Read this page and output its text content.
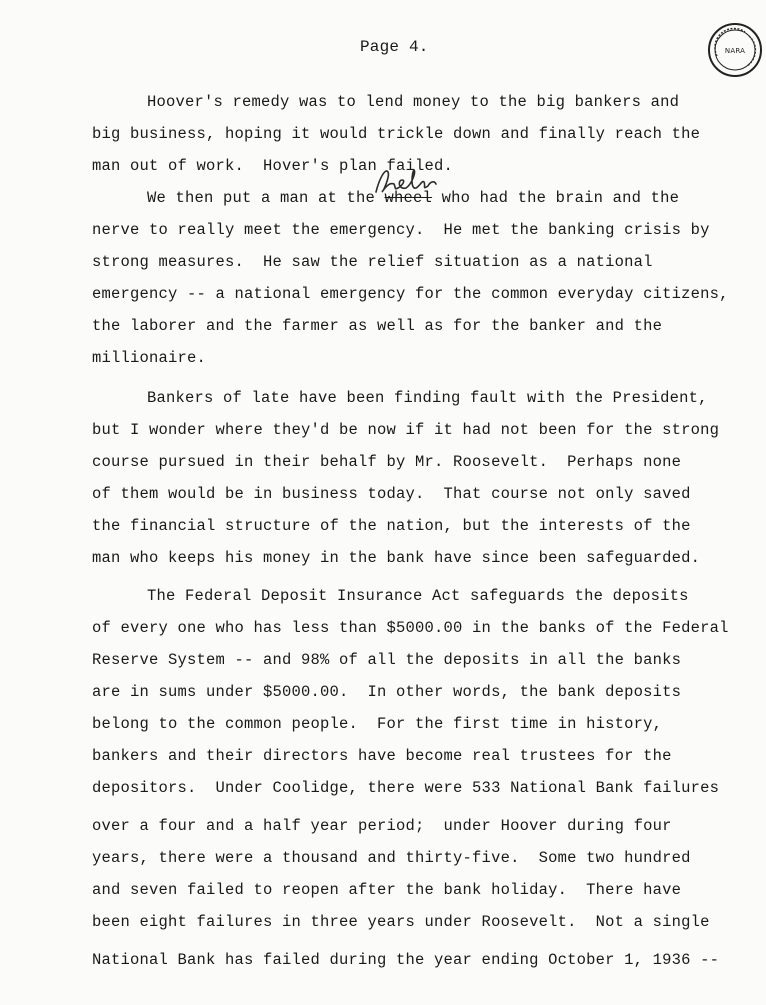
Page 4.	NARA
Hoover's remedy was to lend money to the big bankers and
big business, hoping it would trickle down and finally reach the
man out of work.  Hover's plan failed.
We then put a man at the wheel who had the brain and the
nerve to really meet the emergency.  He met the banking crisis by
strong measures.  He saw the relief situation as a national
emergency -- a national emergency for the common everyday citizens,
the laborer and the farmer as well as for the banker and the
millionaire.
Bankers of late have been finding fault with the President,
but I wonder where they'd be now if it had not been for the strong
course pursued in their behalf by Mr. Roosevelt.  Perhaps none
of them would be in business today.  That course not only saved
the financial structure of the nation, but the interests of the
man who keeps his money in the bank have since been safeguarded.
The Federal Deposit Insurance Act safeguards the deposits
of every one who has less than $5000.00 in the banks of the Federal
Reserve System -- and 98% of all the deposits in all the banks
are in sums under $5000.00.  In other words, the bank deposits
belong to the common people.  For the first time in history,
bankers and their directors have become real trustees for the
depositors.  Under Coolidge, there were 533 National Bank failures
over a four and a half year period;  under Hoover during four
years, there were a thousand and thirty-five.  Some two hundred
and seven failed to reopen after the bank holiday.  There have
been eight failures in three years under Roosevelt.  Not a single
National Bank has failed during the year ending October 1, 1936 --
